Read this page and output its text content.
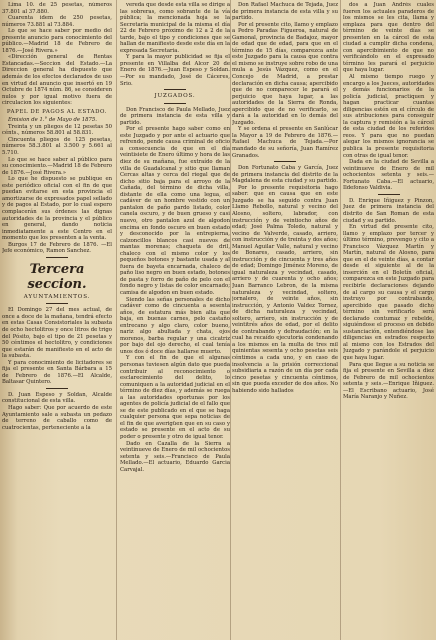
Lima 10. de 25 pesetas, números 37.801 al 37.880.

Cuarenta idem de 250 pesetas, números 73.881 al 73.884.

Lo que se hace saber por medio del presente anuncio para conocimiento del público.—Madrid 18 de Febrero de 1876.—José Rivera.»

«Dirección general de Rentas Estancadas.—Seccion del Estado.—La Direccion general ha dispuesto que además de los efectos declarados de uso en virtud del anuncio que insertó en 19 Octubre de 1874 núm. 86, se consideren nulos y por igual motivo fuera de circulacion los siguientes:

PAPEL DE PAGOS AL ESTADO.

Emision de 1.° de Mayo de 1875.

Treinta y un pliegos de 12 pesetas 50 cénts., números 58.801 al 58.831.

Cincuenta pliegos de 125 pesetas, números 58.3.801 al 3.500 y 5.661 al 5.710.

Lo que se hace saber al público para su conocimiento.—Madrid 18 de Febrero de 1876.—José Rivera.»

Lo que he dispuesto se publique en este periódico oficial con el fin de que puedan evitarse en esta provincia el amortizarse de expresados papel sellado y de pagos al Estado, por lo cual espero complacerán sus órdenes las dignas autoridades de la provincia y el público en general, dando noticia inmediatamente a este Centro en el momento que los presenten a la venta.

Burgos 17 de Febrero de 1876. —El Jefe económico, Ramon Sanchez.

Tercera seccion.

AYUNTAMIENTOS.

El Domingo 27 del mes actual, de once a doce de la mañana, tendrá efecto en estas Casas Consistoriales la subasta de ocho hectolitros y once litros de trigo del Pósito, bajo el tipo de 21 pesetas y 50 céntimos el hectolitro, y condiciones que estarán de manifiesto en el acto de la subasta.

Y para conocimiento de licitadores se fija el presente en Santa Bárbara a 15 de Febrero de 1876.—El Alcalde, Baltasar Quintero.

D. Juan Espeso y Soldan, Alcalde constitucional de esta villa.

Hago saber: Que por acuerdo de este Ayuntamiento sale a subasta un pedazo de terreno de caballo como de cuatrocientas, perteneciente a la

vereda que desde esta villa se dirige a las sobreras, como sobrante de la vía pública; la mencionada hoja se la Secretaria municipal de la misma el día 22 de Febrero próximo de 12 a 2 de la tarde, bajo el tipo y condiciones que se hallan de manifiesto desde este día en la expresada Secretaria.

Y para la mayor publicidad se fija el presente en Villalba del Alcor 20 de Enero de 1876.—Juan Espeso y Soldan.—Por su mandado, José de Cáceres, Srio.

JUZGADOS.

Don Francisco de Paula Mellado, Juez de primera instancia de esta villa y partido.

Por el presente hago saber como en este Juzgado y por ante el actuario que refrendo, pende causa criminal de oficio a consecuencia de que en el día veintisiete de Enero último y hora de las diez de su mañana, fue extraído de la villa de Guadalcanal y sitio que llaman Cercas altas y cerca del riegal que de dicho sitio baja para el arroyo de la Cañada, del término de dicha villa, distante de ella como una legua, el cadáver de un hombre vestido con un pantalon de paño pardo listado, color canela oscuro, y de buen grueso y casi nuevo, otro pantalon azul de algodon encima en fondo oscuro en buen estado y desconocido por la entrepierna, calzoncillos blancos casi nuevos de mantas morenas; chaqueta de dril, chaleco con el mismo color y los pequeños botones y bastante usada y al fuera de bayeta encarnada, chaleco de paño liso negro en buen estado, botones de pasta y forro de paño de pelo con el fondo negro y listas de color encarnado; camisa de algodon en buen estado.

Siendo las señas personales de dicho cadáver como de cincuenta a sesenta años, de estatura más bien alta que baja, en buenas carnes, pelo castaño entrecano y algo claro, color bueno, nariz algo abultada y chata, ojos morenos, barba regular y una cicatriz por bajo del ojo derecho, el cual tenía unos dos ó doce días hallarse muerto.

Y con el fin de que el algunas personas tuviesen algún dato que pueda contribuir al reconocimiento o esclarecimiento del delito, lo comuniquen a la autoridad judicial en el término de diez días, y además se ruega a las autoridades oportunas por los agentes de policía judicial de el fallo que se de este publicado en el que se haga cualquier persona que sepa noticias de el fin de que averigüen que en su caso y estado se presente en el acto de su poder o presente y otro de igual tenor.

Dado en Cazalla de la Sierra a veintinueve de Enero de mil ochocientos setenta y seis.—Francisco de Paula Mellado.—El actuario, Eduardo Garcia Carvajal.

Don Rafael Machuca de Tejada, Juez de primera instancia de esta villa y su partido.

Por el presente cito, llamo y emplazo a Pedro Paradas Figueroa, natural de Gamonal, provincia de Badajoz, mayor de edad que de edad, para que en el término de 15 días, comparezca ante este Juzgado para la causa que contra el mismo se instruye sobre robo de una mula a Jesús Vázquez, como en el Concejo de Madrid, a prestar declaración en dicha causa; apercibido que de no comparecer le parará el perjuicio que haya lugar, a las autoridades de la Sierra de Ronda, apercibido que de no verificarlo, se dará a la autoridad en lo demás del Juzgado.

Y se ordena el presente en Sanlúcar la Mayor a 19 de Febrero de 1876.—Rafael Machuca de Tejada.—Por mandado de su señoría, Juan Ramírez Granados.

Don Fortunato Caba y García, Juez de primera instancia del distrito de la Magdalena de esta ciudad y su partido.

Por lo presente requisitoria hago saber: que en causa que en este Juzgado se ha seguido contra Juan Llamo Rebollo, natural y vecino del Alosno, soltero, labrador, con instrucción y de veintiocho años de edad; José Palma Toledo, natural y vecino de Valverde, casado, arriero, con instrucción y de treinta y dos años; Manuel Aguilar Valle, natural y vecino de Bonares, casado, arriero, sin instrucción y de cincuenta y tres años de edad; Domingo Jiménez Moreno, de igual naturaleza y vecindad, casado, arriero y de cuarenta y ocho años; Juan Barranco Lebron, de la misma naturaleza y vecindad, soltero, jornalero, de veinte años, sin instrucción, y Antonio Valdez Tornez, de dicha naturaleza y vecindad, soltero, arriero, sin instrucción y de veintitrés años de edad, por el delito de contrabando y defraudación; en la cual ha recaído ejecutoria condenando a los mismos en la multa de tres mil quinientas sesenta y ocho pesetas seis céntimos a cada uno, y en caso de insolvencia a la prisión correccional subsidiaria a razón de un día por cada cinco pesetas y cincuenta céntimos, sin que pueda exceder de dos años. No habiendo sido hallados

dos a Juan Andrés cuales fueren los actuales paraderos de los mismos se les cita, llama y emplaza para que dentro del término de veinte días se presenten en la cárcel de esta ciudad a cumplir dicha condena, con apercibimiento de que no verificándolo en el expresado término les parará el perjuicio que haya lugar.

Al mismo tiempo ruego y encargo a los Jueces, autoridades y demás funcionarios de la policía judicial, practiquen y hagan practicar cuantas diligencias estén en el círculo de sus atribuciones para conseguir la captura y remisión a la cárcel de esta ciudad de los referidos reos. Y para que no puedan alegar los mismos ignorancia se publica la presente requisitoria con otras de igual tenor.

Dada en la ciudad de Sevilla a veintinueve de Enero de mil ochocientos setenta y seis.—Fortunato Caba.—El actuario, Ildefonso Valdivia.

D. Enrique Iñiguez y Pinzon, Juez de primera instancia del distrito de San Roman de esta ciudad y su partido.

En virtud del presente cito, llamo y emplazo por tercer y último término, prevengo y cito a Francisco Vázquez Martín y Martín, natural de Alosno, para que en el de veinte días, a contar desde el siguiente al de la inserción en el Boletín oficial, comparezca en este Juzgado para recibirle declaraciones dejando de al cargo su causa y el cargo instruyo por contrabando, apercibido que pasado dicho término sin verificarlo será declarado contumaz y rebelde, siguiéndose el proceso en debido sustanciación, entendiéndose las diligencias en estrados respecto al mismo con los Estrados del Juzgado y parándole el perjuicio que haya lugar.

Para que llegue a su noticia se fija el presente en Sevilla a diez de Febrero de mil ochocientos setenta y seis.—Enrique Iñiguez.—El Escribano actuario, José María Naranjo y Nuñez.
